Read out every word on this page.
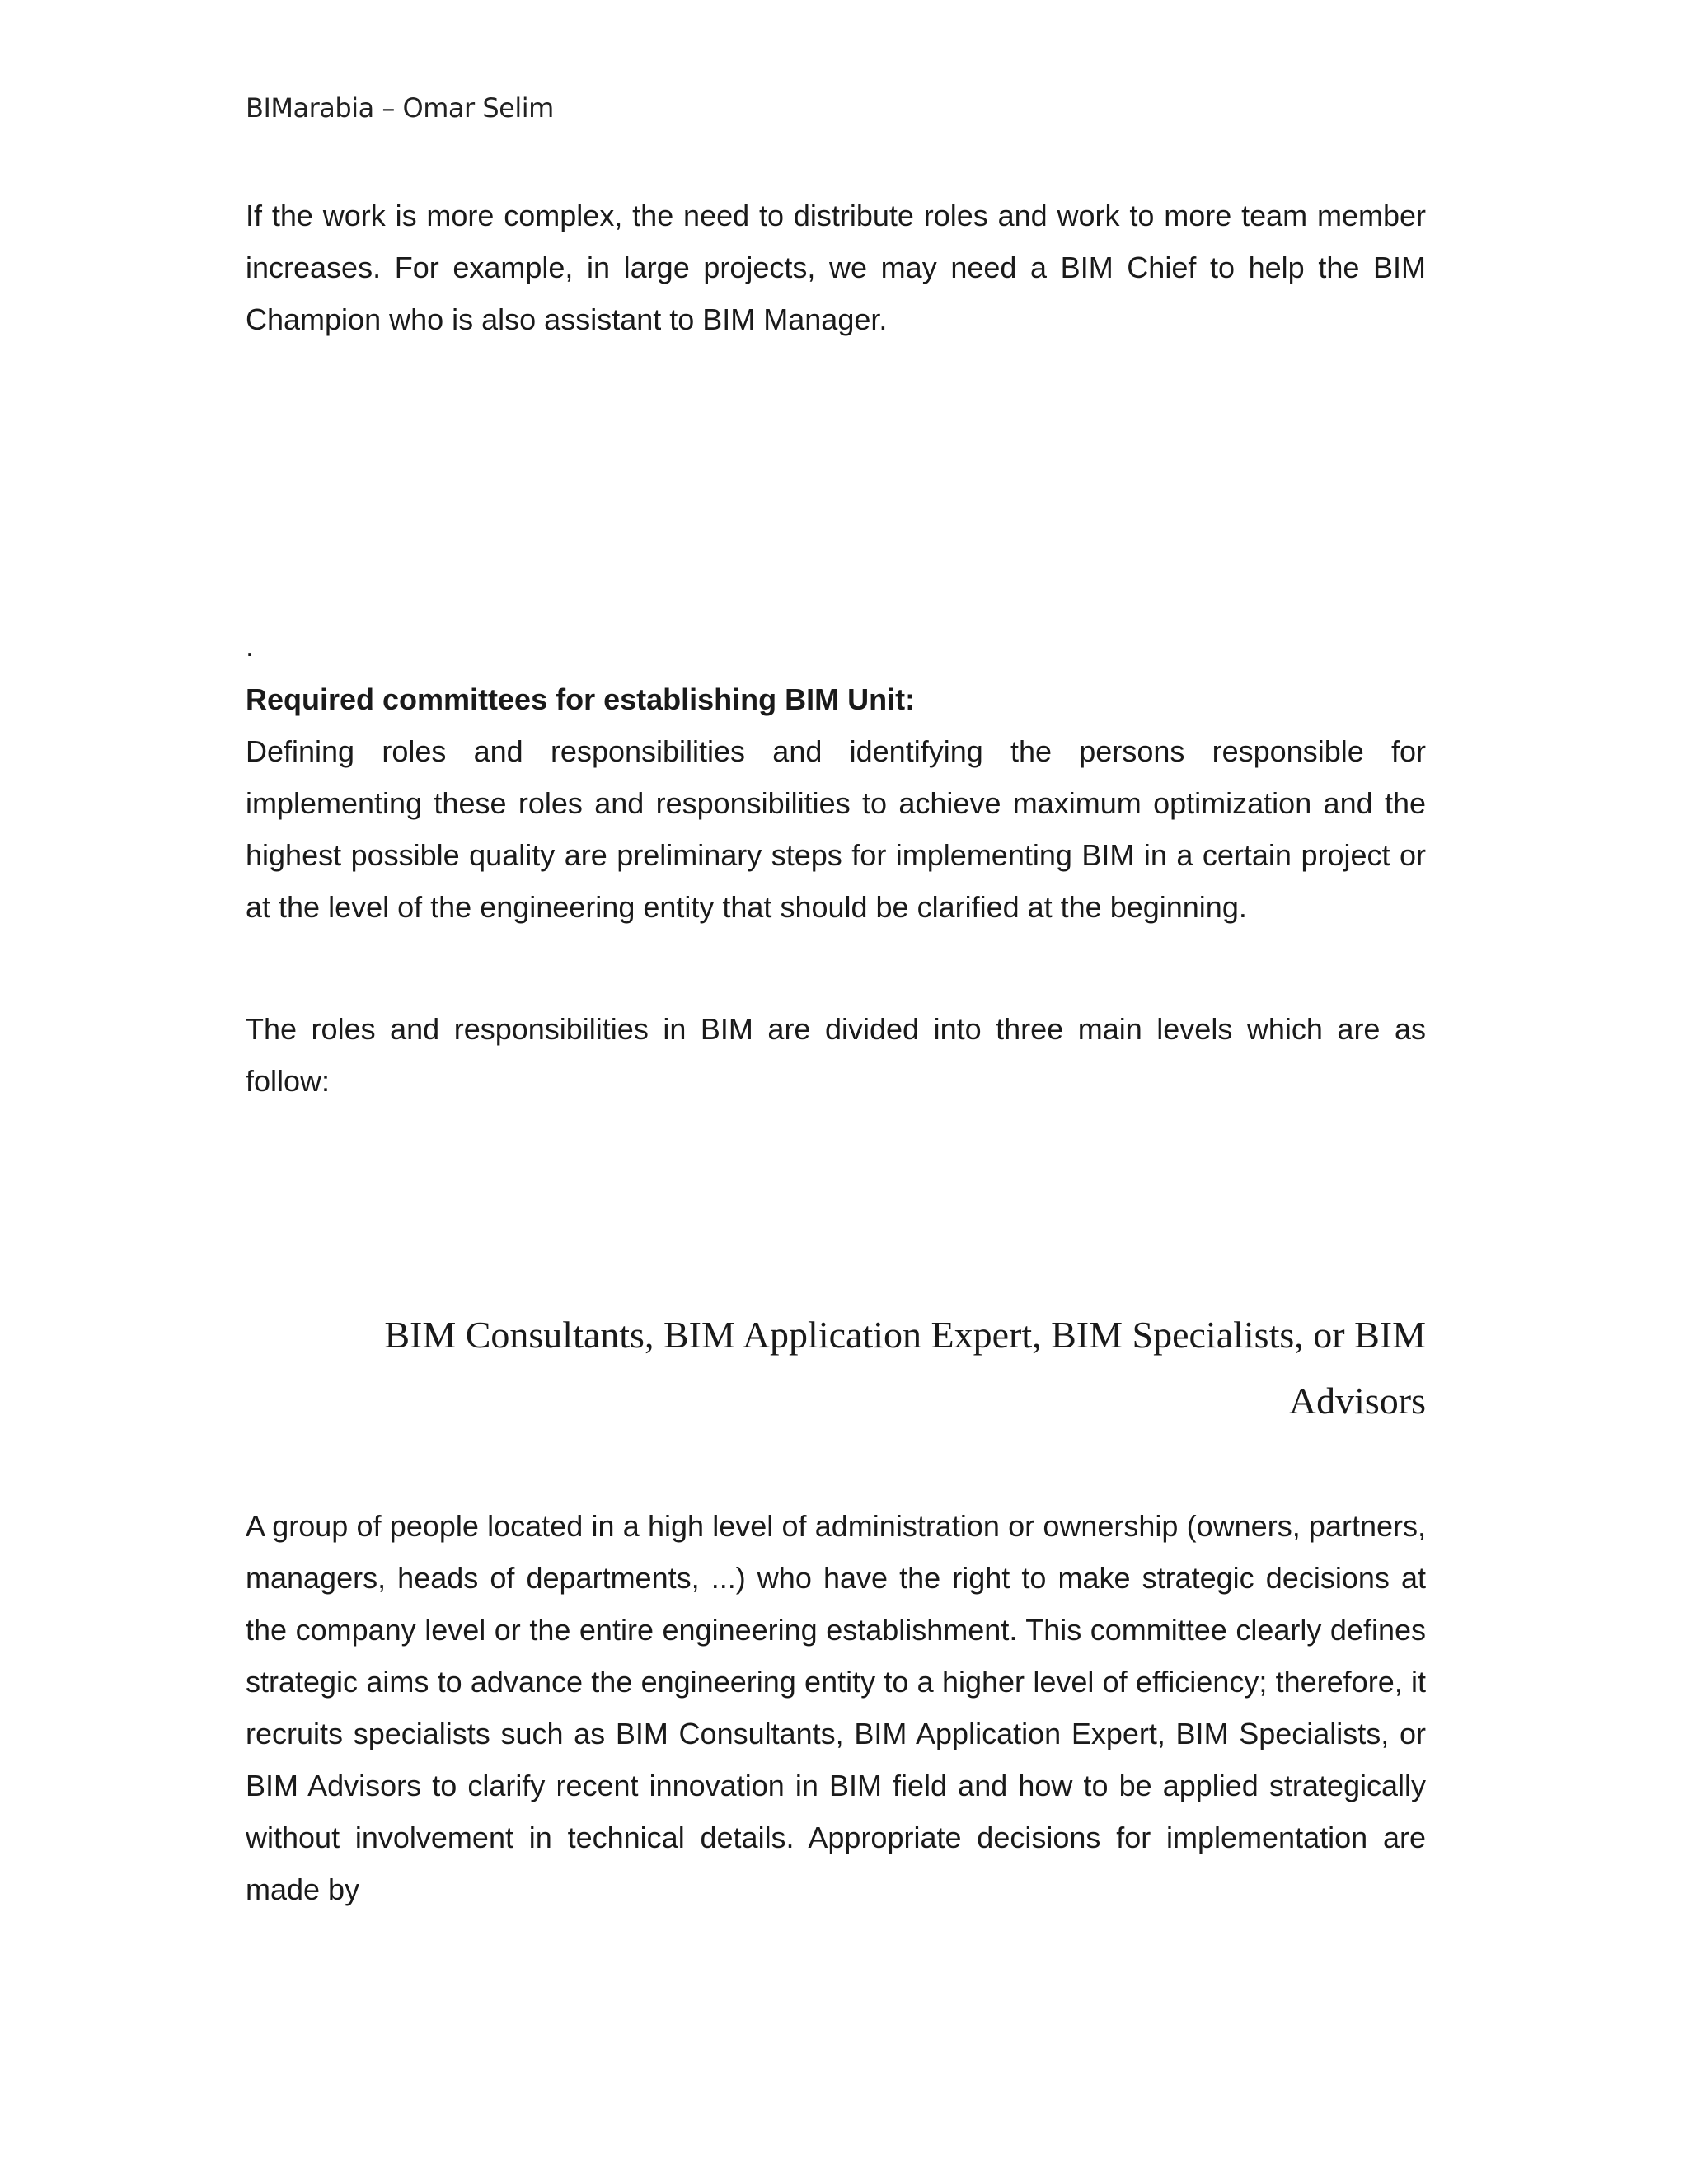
BIMarabia – Omar Selim

If the work is more complex, the need to distribute roles and work to more team member increases. For example, in large projects, we may need a BIM Chief to help the BIM Champion who is also assistant to BIM Manager.

.

Required committees for establishing BIM Unit:

Defining roles and responsibilities and identifying the persons responsible for implementing these roles and responsibilities to achieve maximum optimization and the highest possible quality are preliminary steps for implementing BIM in a certain project or at the level of the engineering entity that should be clarified at the beginning.

The roles and responsibilities in BIM are divided into three main levels which are as follow:

BIM Consultants, BIM Application Expert, BIM Specialists, or BIM Advisors

A group of people located in a high level of administration or ownership (owners, partners, managers, heads of departments, ...) who have the right to make strategic decisions at the company level or the entire engineering establishment. This committee clearly defines strategic aims to advance the engineering entity to a higher level of efficiency; therefore, it recruits specialists such as BIM Consultants, BIM Application Expert, BIM Specialists, or BIM Advisors to clarify recent innovation in BIM field and how to be applied strategically without involvement in technical details. Appropriate decisions for implementation are made by
